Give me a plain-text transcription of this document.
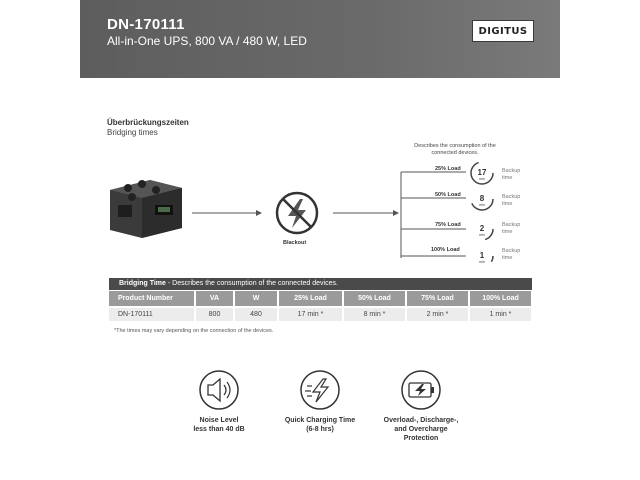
DN-170111
All-in-One UPS, 800 VA / 480 W, LED
DIGITUS
Überbrückungszeiten
Bridging times
Describes the consumption of the connected devices.
17
min
8
min
2
min
1
min
Blackout
25% Load
50% Load
75% Load
100% Load
Backup time
Backup time
Backup time
Backup time
Bridging Time - Describes the consumption of the connected devices.
Product Number	VA	W	25% Load	50% Load	75% Load	100% Load
DN-170111	800	480	17 min *	8 min *	2 min *	1 min *
*The times may vary depending on the connection of the devices.
Noise Level
less than 40 dB
Quick Charging Time
(6-8 hrs)
Overload-, Discharge-,
and Overcharge
Protection
